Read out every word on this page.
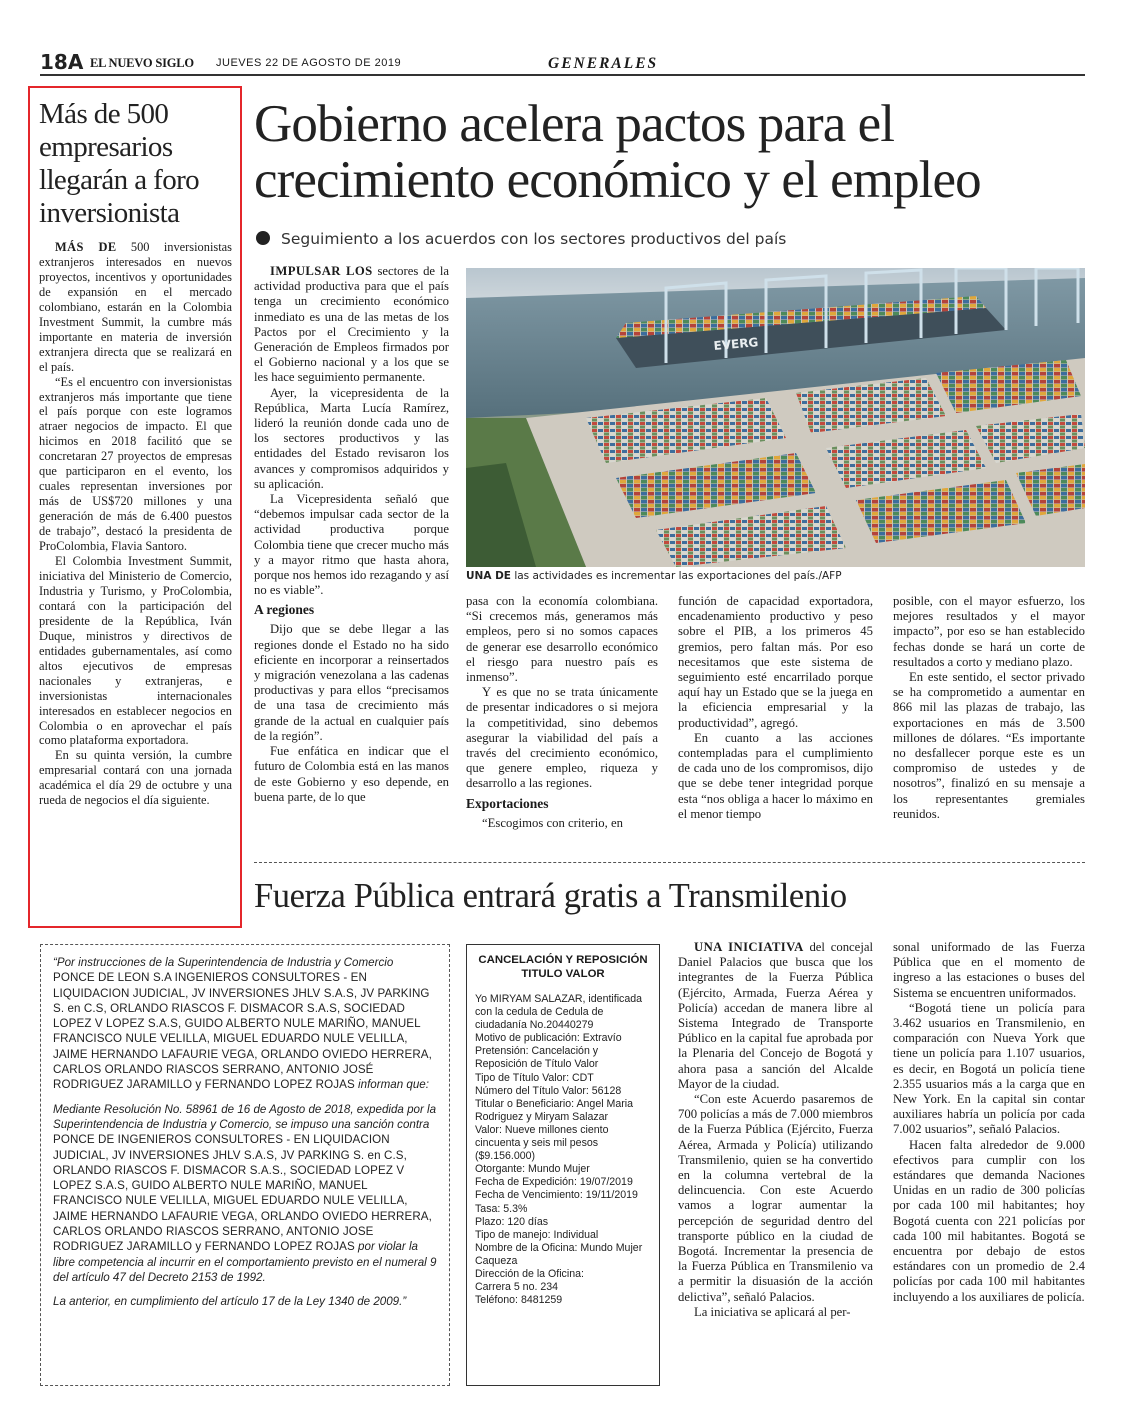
18A EL NUEVO SIGLO JUEVES 22 DE AGOSTO DE 2019	GENERALES
Más de 500 empresarios llegarán a foro inversionista

MÁS DE 500 inversionistas extranjeros interesados en nuevos proyectos, incentivos y oportunidades de expansión en el mercado colombiano, estarán en la Colombia Investment Summit, la cumbre más importante en materia de inversión extranjera directa que se realizará en el país.

“Es el encuentro con inversionistas extranjeros más importante que tiene el país porque con este logramos atraer negocios de impacto. El que hicimos en 2018 facilitó que se concretaran 27 proyectos de empresas que participaron en el evento, los cuales representan inversiones por más de US$720 millones y una generación de más de 6.400 puestos de trabajo”, destacó la presidenta de ProColombia, Flavia Santoro.

El Colombia Investment Summit, iniciativa del Ministerio de Comercio, Industria y Turismo, y ProColombia, contará con la participación del presidente de la República, Iván Duque, ministros y directivos de entidades gubernamentales, así como altos ejecutivos de empresas nacionales y extranjeras, e inversionistas internacionales interesados en establecer negocios en Colombia o en aprovechar el país como plataforma exportadora.

En su quinta versión, la cumbre empresarial contará con una jornada académica el día 29 de octubre y una rueda de negocios el día siguiente.

Gobierno acelera pactos para el crecimiento económico y el empleo
Seguimiento a los acuerdos con los sectores productivos del país
EVERG
UNA DE las actividades es incrementar las exportaciones del país./AFP

IMPULSAR LOS sectores de la actividad productiva para que el país tenga un crecimiento económico inmediato es una de las metas de los Pactos por el Crecimiento y la Generación de Empleos firmados por el Gobierno nacional y a los que se les hace seguimiento permanente.

Ayer, la vicepresidenta de la República, Marta Lucía Ramírez, lideró la reunión donde cada uno de los sectores productivos y las entidades del Estado revisaron los avances y compromisos adquiridos y su aplicación.

La Vicepresidenta señaló que “debemos impulsar cada sector de la actividad productiva porque Colombia tiene que crecer mucho más y a mayor ritmo que hasta ahora, porque nos hemos ido rezagando y así no es viable”.

A regiones

Dijo que se debe llegar a las regiones donde el Estado no ha sido eficiente en incorporar a reinsertados y migración venezolana a las cadenas productivas y para ellos “precisamos de una tasa de crecimiento más grande de la actual en cualquier país de la región”.

Fue enfática en indicar que el futuro de Colombia está en las manos de este Gobierno y eso depende, en buena parte, de lo que

pasa con la economía colombiana. “Si crecemos más, generamos más empleos, pero si no somos capaces de generar ese desarrollo económico el riesgo para nuestro país es inmenso”.

Y es que no se trata únicamente de presentar indicadores o si mejora la competitividad, sino debemos asegurar la viabilidad del país a través del crecimiento económico, que genere empleo, riqueza y desarrollo a las regiones.

Exportaciones

“Escogimos con criterio, en

función de capacidad exportadora, encadenamiento productivo y peso sobre el PIB, a los primeros 45 gremios, pero faltan más. Por eso necesitamos que este sistema de seguimiento esté encarrilado porque aquí hay un Estado que se la juega en la eficiencia empresarial y la productividad”, agregó.

En cuanto a las acciones contempladas para el cumplimiento de cada uno de los compromisos, dijo que se debe tener integridad porque esta “nos obliga a hacer lo máximo en el menor tiempo

posible, con el mayor esfuerzo, los mejores resultados y el mayor impacto”, por eso se han establecido fechas donde se hará un corte de resultados a corto y mediano plazo.

En este sentido, el sector privado se ha comprometido a aumentar en 866 mil las plazas de trabajo, las exportaciones en más de 3.500 millones de dólares. “Es importante no desfallecer porque este es un compromiso de ustedes y de nosotros”, finalizó en su mensaje a los representantes gremiales reunidos.

Fuerza Pública entrará gratis a Transmilenio

UNA INICIATIVA del concejal Daniel Palacios que busca que los integrantes de la Fuerza Pública (Ejército, Armada, Fuerza Aérea y Policía) accedan de manera libre al Sistema Integrado de Transporte Público en la capital fue aprobada por la Plenaria del Concejo de Bogotá y ahora pasa a sanción del Alcalde Mayor de la ciudad.

“Con este Acuerdo pasaremos de 700 policías a más de 7.000 miembros de la Fuerza Pública (Ejército, Fuerza Aérea, Armada y Policía) utilizando Transmilenio, quien se ha convertido en la columna vertebral de la delincuencia. Con este Acuerdo vamos a lograr aumentar la percepción de seguridad dentro del transporte público en la ciudad de Bogotá. Incrementar la presencia de la Fuerza Pública en Transmilenio va a permitir la disuasión de la acción delictiva”, señaló Palacios.

La iniciativa se aplicará al per-

sonal uniformado de las Fuerza Pública que en el momento de ingreso a las estaciones o buses del Sistema se encuentren uniformados.

“Bogotá tiene un policía para 3.462 usuarios en Transmilenio, en comparación con Nueva York que tiene un policía para 1.107 usuarios, es decir, en Bogotá un policía tiene 2.355 usuarios más a la carga que en New York. En la capital sin contar auxiliares habría un policía por cada 7.002 usuarios”, señaló Palacios.

Hacen falta alrededor de 9.000 efectivos para cumplir con los estándares que demanda Naciones Unidas en un radio de 300 policías por cada 100 mil habitantes; hoy Bogotá cuenta con 221 policías por cada 100 mil habitantes. Bogotá se encuentra por debajo de estos estándares con un promedio de 2.4 policías por cada 100 mil habitantes incluyendo a los auxiliares de policía.

“Por instrucciones de la Superintendencia de Industria y Comercio
PONCE DE LEON S.A INGENIEROS CONSULTORES - EN LIQUIDACION JUDICIAL, JV INVERSIONES JHLV S.A.S, JV PARKING S. en C.S, ORLANDO RIASCOS F. DISMACOR S.A.S, SOCIEDAD LOPEZ V LOPEZ S.A.S, GUIDO ALBERTO NULE MARIÑO, MANUEL FRANCISCO NULE VELILLA, MIGUEL EDUARDO NULE VELILLA, JAIME HERNANDO LAFAURIE VEGA, ORLANDO OVIEDO HERRERA, CARLOS ORLANDO RIASCOS SERRANO, ANTONIO JOSÉ RODRIGUEZ JARAMILLO y FERNANDO LOPEZ ROJAS informan que:

Mediante Resolución No. 58961 de 16 de Agosto de 2018, expedida por la Superintendencia de Industria y Comercio, se impuso una sanción contra PONCE DE INGENIEROS CONSULTORES - EN LIQUIDACION JUDICIAL, JV INVERSIONES JHLV S.A.S, JV PARKING S. en C.S, ORLANDO RIASCOS F. DISMACOR S.A.S., SOCIEDAD LOPEZ V LOPEZ S.A.S, GUIDO ALBERTO NULE MARIÑO, MANUEL FRANCISCO NULE VELILLA, MIGUEL EDUARDO NULE VELILLA, JAIME HERNANDO LAFAURIE VEGA, ORLANDO OVIEDO HERRERA, CARLOS ORLANDO RIASCOS SERRANO, ANTONIO JOSE RODRIGUEZ JARAMILLO y FERNANDO LOPEZ ROJAS por violar la libre competencia al incurrir en el comportamiento previsto en el numeral 9 del artículo 47 del Decreto 2153 de 1992.

La anterior, en cumplimiento del artículo 17 de la Ley 1340 de 2009.”

CANCELACIÓN Y REPOSICIÓN TITULO VALOR
Yo MIRYAM SALAZAR, identificada con la cedula de Cedula de ciudadanía No.20440279
Motivo de publicación: Extravío
Pretensión: Cancelación y Reposición de Título Valor
Tipo de Título Valor: CDT
Número del Título Valor: 56128
Titular o Beneficiario: Angel Maria Rodriguez y Miryam Salazar
Valor: Nueve millones ciento cincuenta y seis mil pesos ($9.156.000)
Otorgante: Mundo Mujer
Fecha de Expedición: 19/07/2019
Fecha de Vencimiento: 19/11/2019
Tasa: 5.3%
Plazo: 120 días
Tipo de manejo: Individual
Nombre de la Oficina: Mundo Mujer Caqueza
Dirección de la Oficina:
Carrera 5 no. 234
Teléfono: 8481259
